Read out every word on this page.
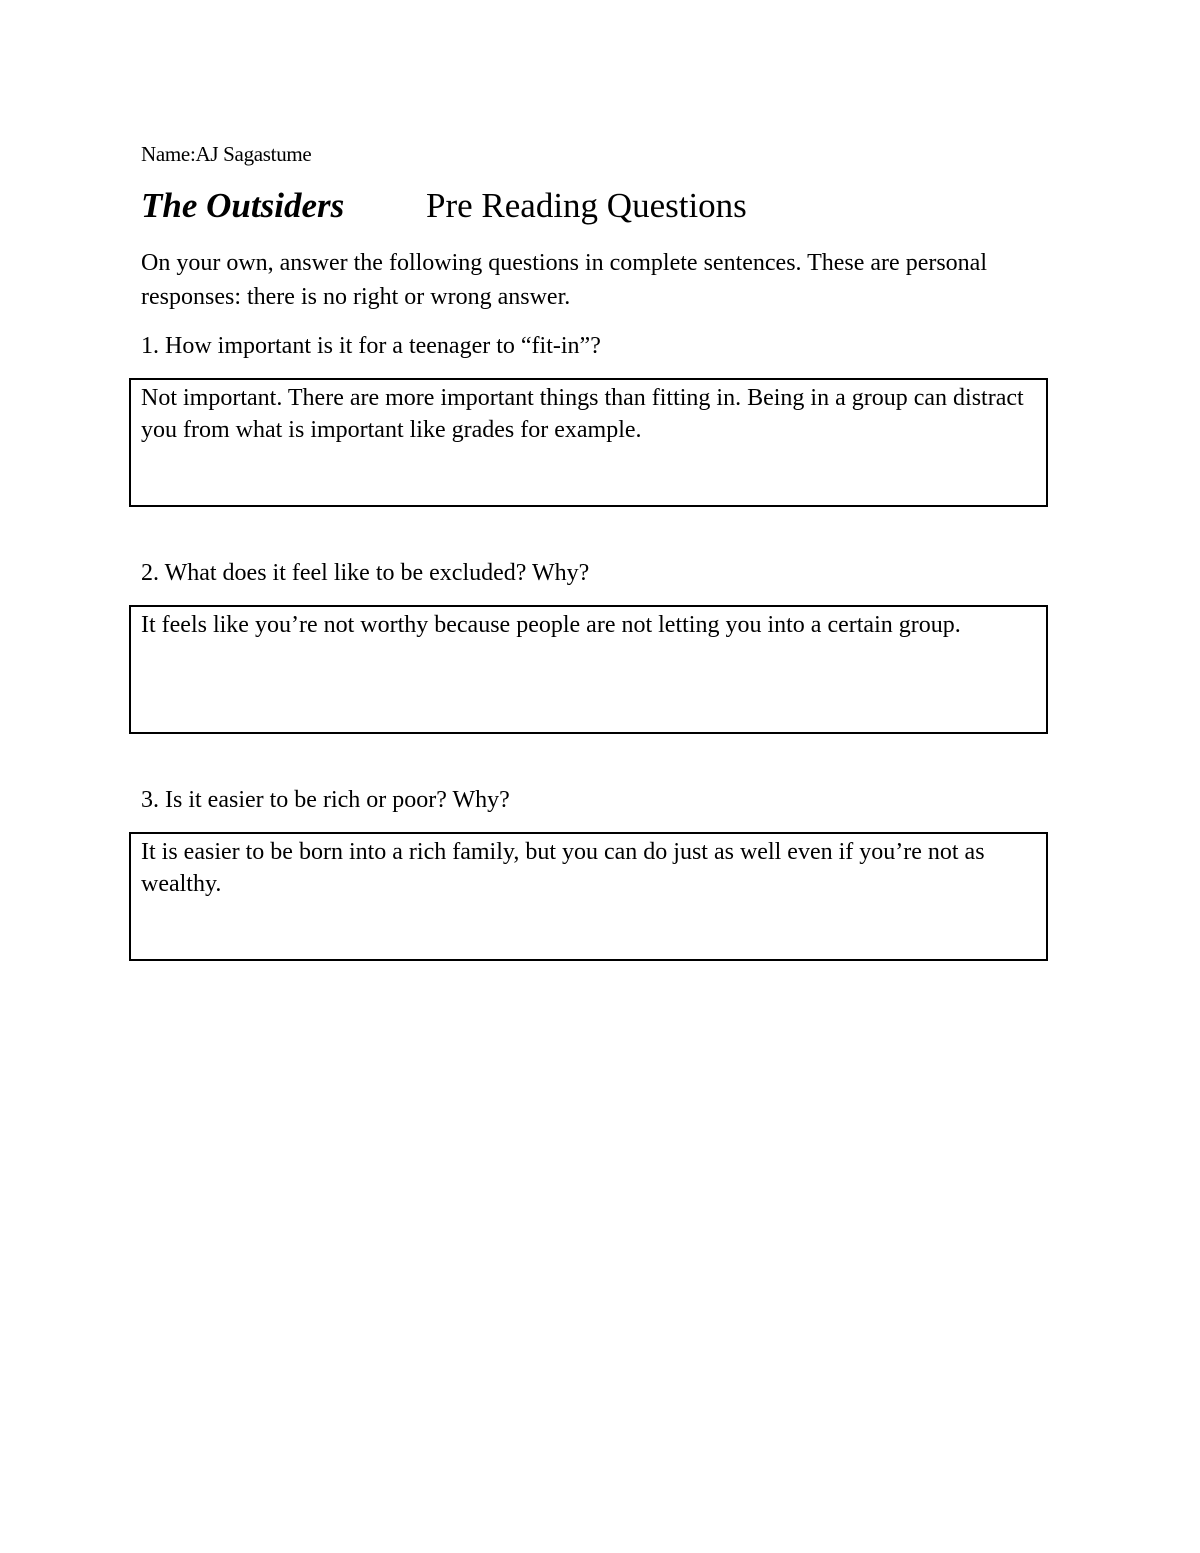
Name:AJ Sagastume
The Outsiders Pre Reading Questions
On your own, answer the following questions in complete sentences. These are personal responses: there is no right or wrong answer.
1. How important is it for a teenager to “fit-in”?
Not important. There are more important things than fitting in. Being in a group can distract you from what is important like grades for example.
2. What does it feel like to be excluded? Why?
It feels like you’re not worthy because people are not letting you into a certain group.
3. Is it easier to be rich or poor? Why?
It is easier to be born into a rich family, but you can do just as well even if you’re not as wealthy.
